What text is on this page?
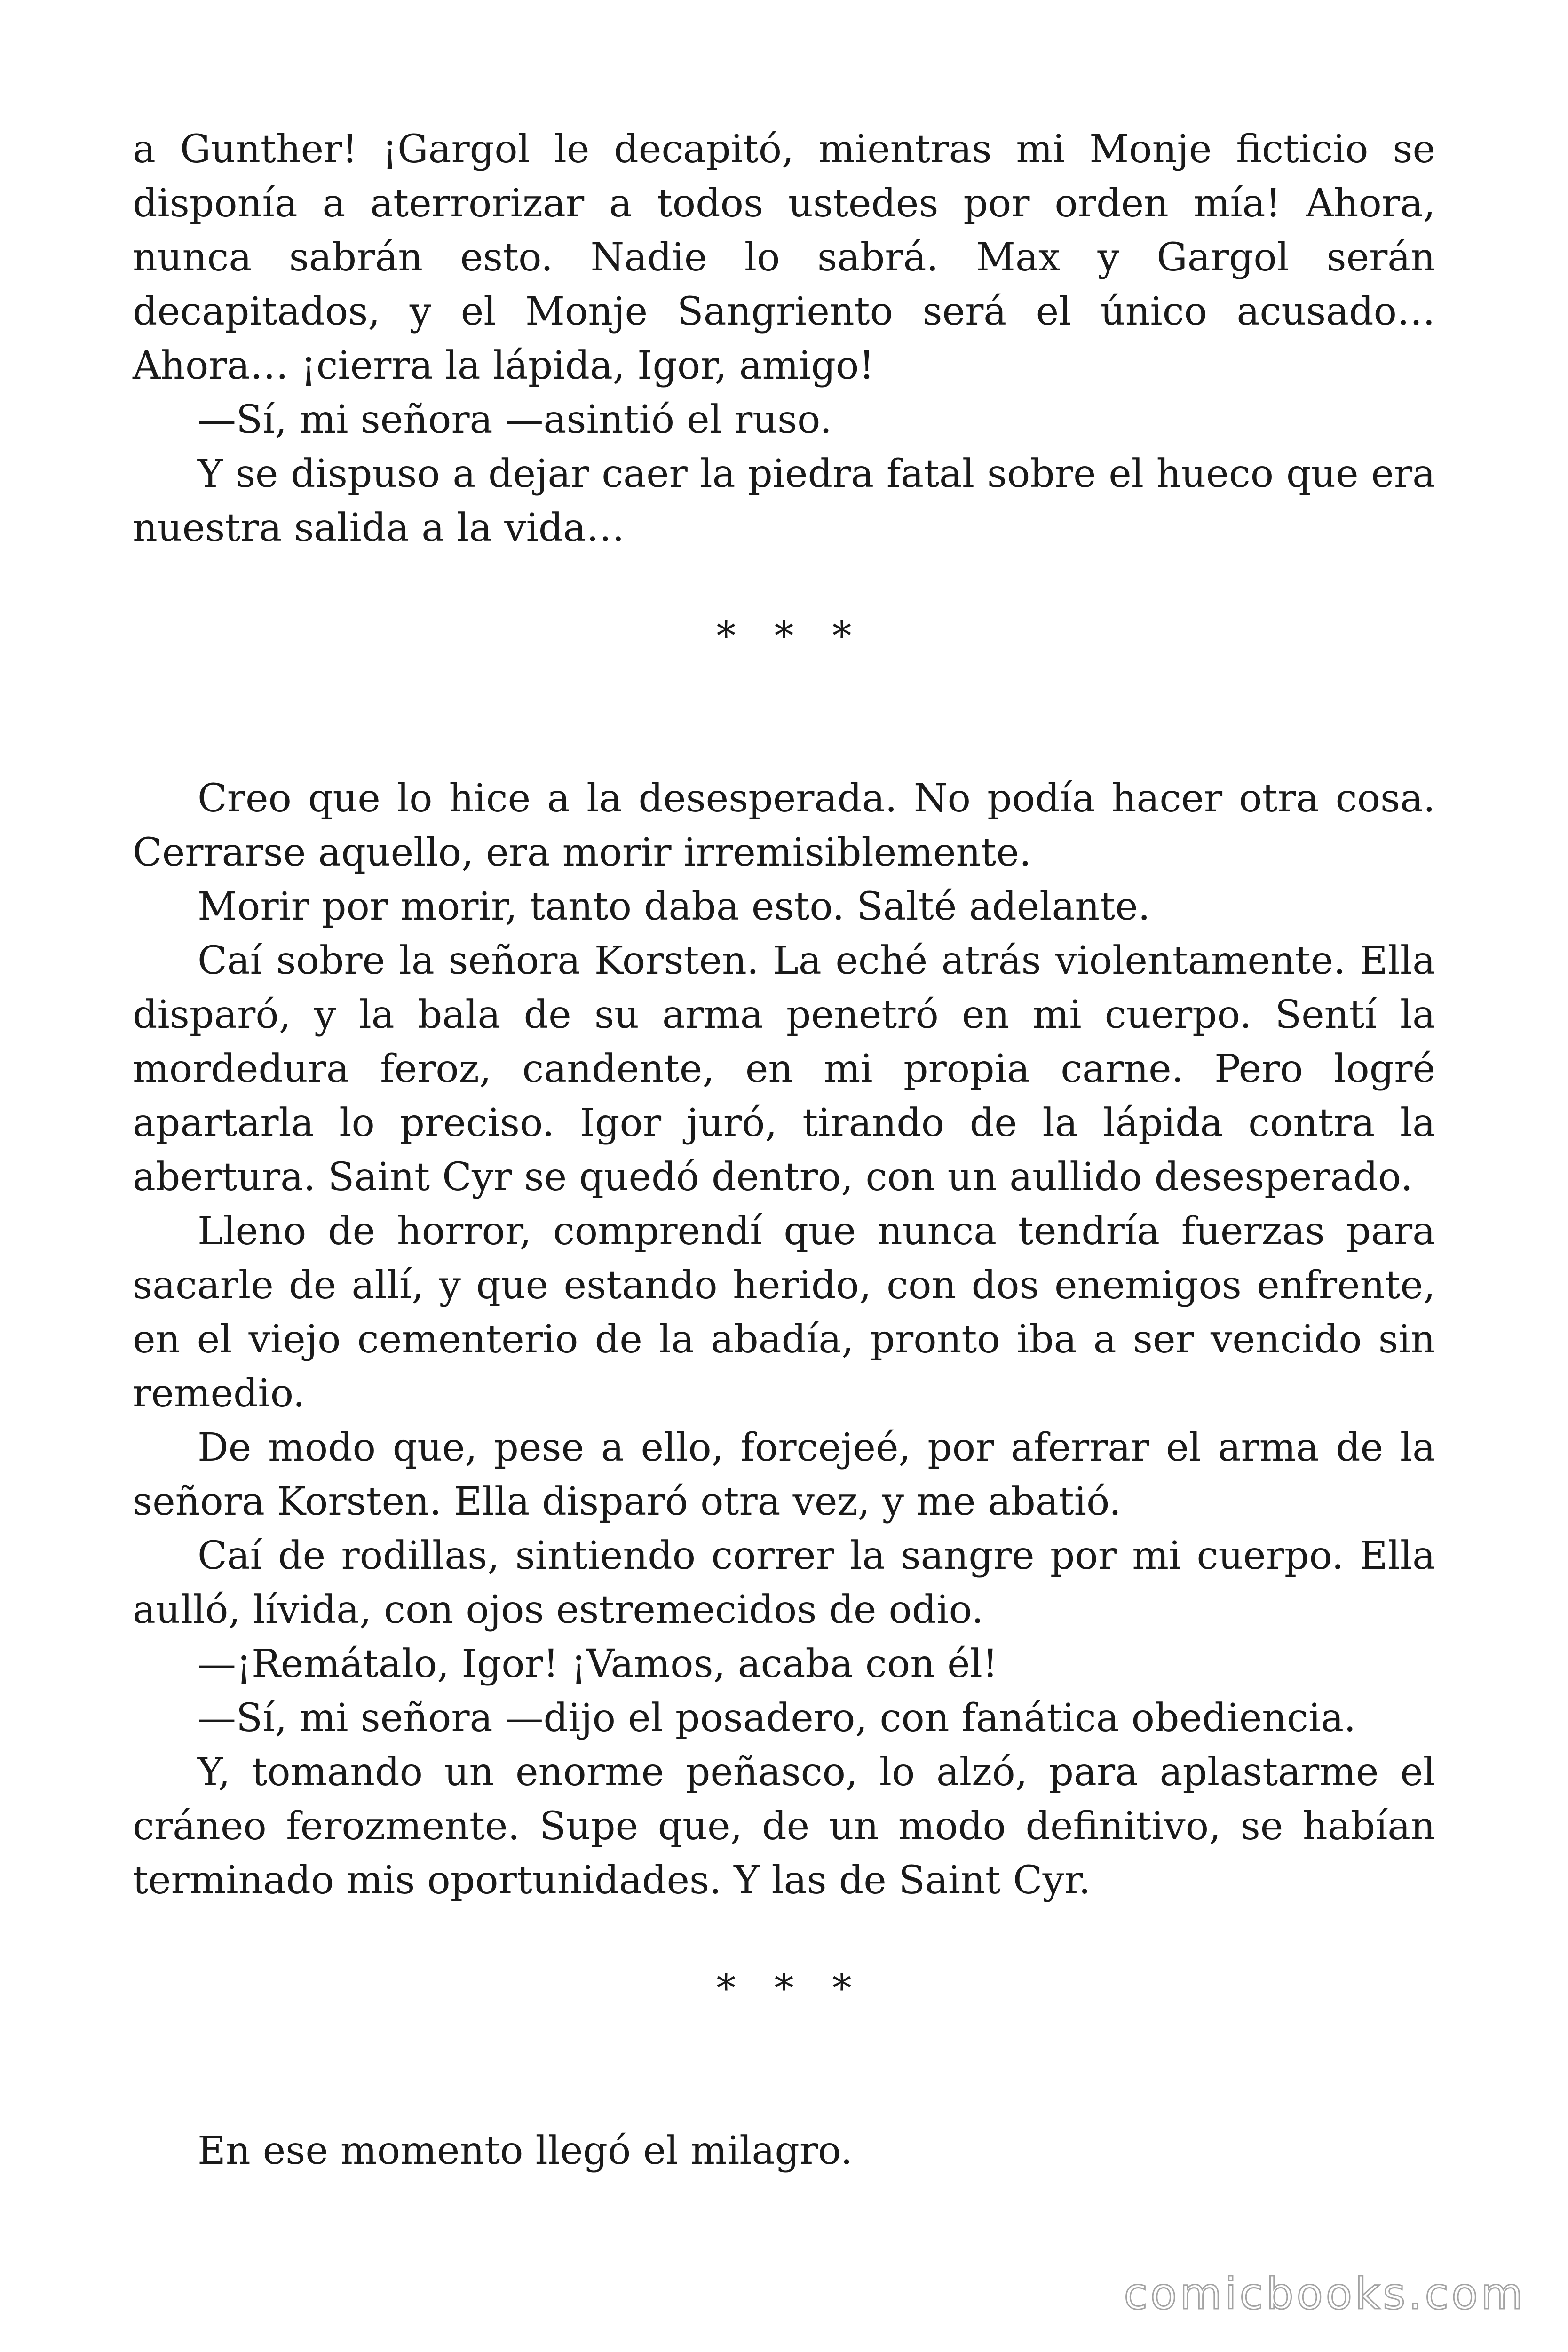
a Gunther! ¡Gargol le decapitó, mientras mi Monje ficticio se disponía a aterrorizar a todos ustedes por orden mía! Ahora, nunca sabrán esto. Nadie lo sabrá. Max y Gargol serán decapitados, y el Monje Sangriento será el único acusado… Ahora… ¡cierra la lápida, Igor, amigo!

—Sí, mi señora —asintió el ruso.

Y se dispuso a dejar caer la piedra fatal sobre el hueco que era nuestra salida a la vida…

* * *

Creo que lo hice a la desesperada. No podía hacer otra cosa. Cerrarse aquello, era morir irremisiblemente.

Morir por morir, tanto daba esto. Salté adelante.

Caí sobre la señora Korsten. La eché atrás violentamente. Ella disparó, y la bala de su arma penetró en mi cuerpo. Sentí la mordedura feroz, candente, en mi propia carne. Pero logré apartarla lo preciso. Igor juró, tirando de la lápida contra la abertura. Saint Cyr se quedó dentro, con un aullido desesperado.

Lleno de horror, comprendí que nunca tendría fuerzas para sacarle de allí, y que estando herido, con dos enemigos enfrente, en el viejo cementerio de la abadía, pronto iba a ser vencido sin remedio.

De modo que, pese a ello, forcejeé, por aferrar el arma de la señora Korsten. Ella disparó otra vez, y me abatió.

Caí de rodillas, sintiendo correr la sangre por mi cuerpo. Ella aulló, lívida, con ojos estremecidos de odio.

—¡Remátalo, Igor! ¡Vamos, acaba con él!

—Sí, mi señora —dijo el posadero, con fanática obediencia.

Y, tomando un enorme peñasco, lo alzó, para aplastarme el cráneo ferozmente. Supe que, de un modo definitivo, se habían terminado mis oportunidades. Y las de Saint Cyr.

* * *

En ese momento llegó el milagro.

comicbooks.com
